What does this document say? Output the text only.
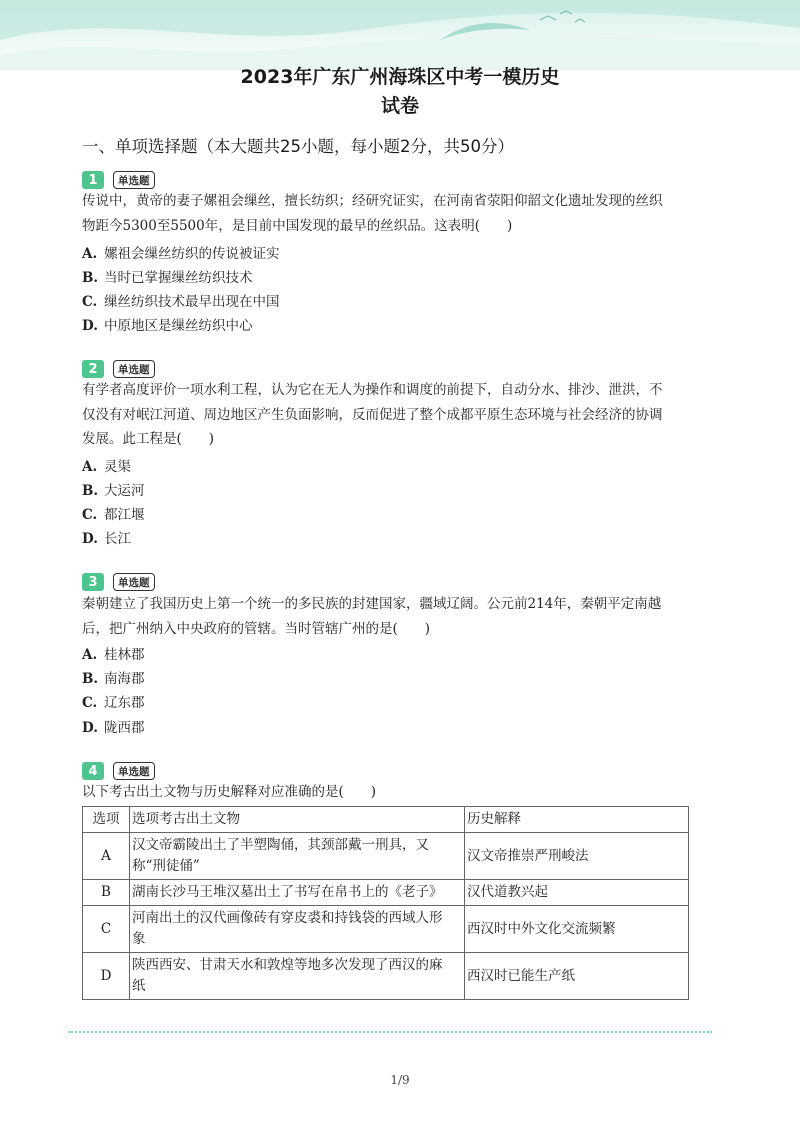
2023年广东广州海珠区中考一模历史
试卷
一、单项选择题（本大题共25小题，每小题2分，共50分）
1	单选题
传说中，黄帝的妻子嫘祖会缫丝，擅长纺织；经研究证实，在河南省荥阳仰韶文化遗址发现的丝织
物距今5300至5500年，是目前中国发现的最早的丝织品。这表明(　　)
A. 嫘祖会缫丝纺织的传说被证实
B. 当时已掌握缫丝纺织技术
C. 缫丝纺织技术最早出现在中国
D. 中原地区是缫丝纺织中心
2	单选题
有学者高度评价一项水利工程，认为它在无人为操作和调度的前提下，自动分水、排沙、泄洪，不
仅没有对岷江河道、周边地区产生负面影响，反而促进了整个成都平原生态环境与社会经济的协调
发展。此工程是(　　)
A. 灵渠
B. 大运河
C. 都江堰
D. 长江
3	单选题
秦朝建立了我国历史上第一个统一的多民族的封建国家，疆域辽阔。公元前214年，秦朝平定南越
后，把广州纳入中央政府的管辖。当时管辖广州的是(　　)
A. 桂林郡
B. 南海郡
C. 辽东郡
D. 陇西郡
4	单选题
以下考古出土文物与历史解释对应准确的是(　　)
选项	选项考古出土文物	历史解释
A	汉文帝霸陵出土了半塑陶俑，其颈部戴一刑具，又
称“刑徒俑”	汉文帝推崇严刑峻法
B	湖南长沙马王堆汉墓出土了书写在帛书上的《老子》	汉代道教兴起
C	河南出土的汉代画像砖有穿皮裘和持钱袋的西域人形
象	西汉时中外文化交流频繁
D	陕西西安、甘肃天水和敦煌等地多次发现了西汉的麻
纸	西汉时已能生产纸
1/9
